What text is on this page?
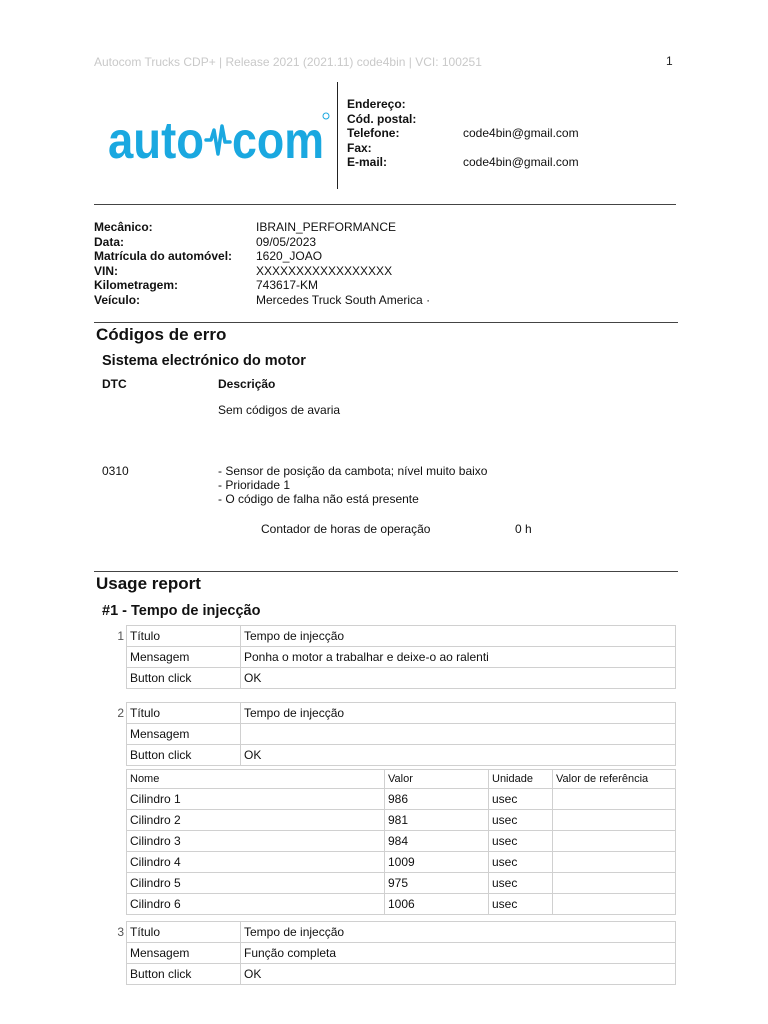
Autocom Trucks CDP+ | Release 2021 (2021.11) code4bin | VCI: 100251	1
auto com
Endereço:
Cód. postal:
Telefone:	code4bin@gmail.com
Fax:
E-mail:	code4bin@gmail.com
Mecânico:	IBRAIN_PERFORMANCE
Data:	09/05/2023
Matrícula do automóvel: 1620_JOAO
VIN:	XXXXXXXXXXXXXXXXX
Kilometragem:	743617-KM
Veículo:	Mercedes Truck South America ·
Códigos de erro
Sistema electrónico do motor
DTC	Descrição
Sem códigos de avaria
0310	- Sensor de posição da cambota; nível muito baixo
- Prioridade 1
- O código de falha não está presente
Contador de horas de operação	0 h
Usage report
#1 - Tempo de injecção
1 Título	Tempo de injecção
Mensagem	Ponha o motor a trabalhar e deixe-o ao ralenti
Button click	OK
2 Título	Tempo de injecção
Mensagem	
Button click	OK
Nome	Valor	Unidade	Valor de referência
Cilindro 1	986	usec	
Cilindro 2	981	usec	
Cilindro 3	984	usec	
Cilindro 4	1009	usec	
Cilindro 5	975	usec	
Cilindro 6	1006	usec	
3 Título	Tempo de injecção
Mensagem	Função completa
Button click	OK
